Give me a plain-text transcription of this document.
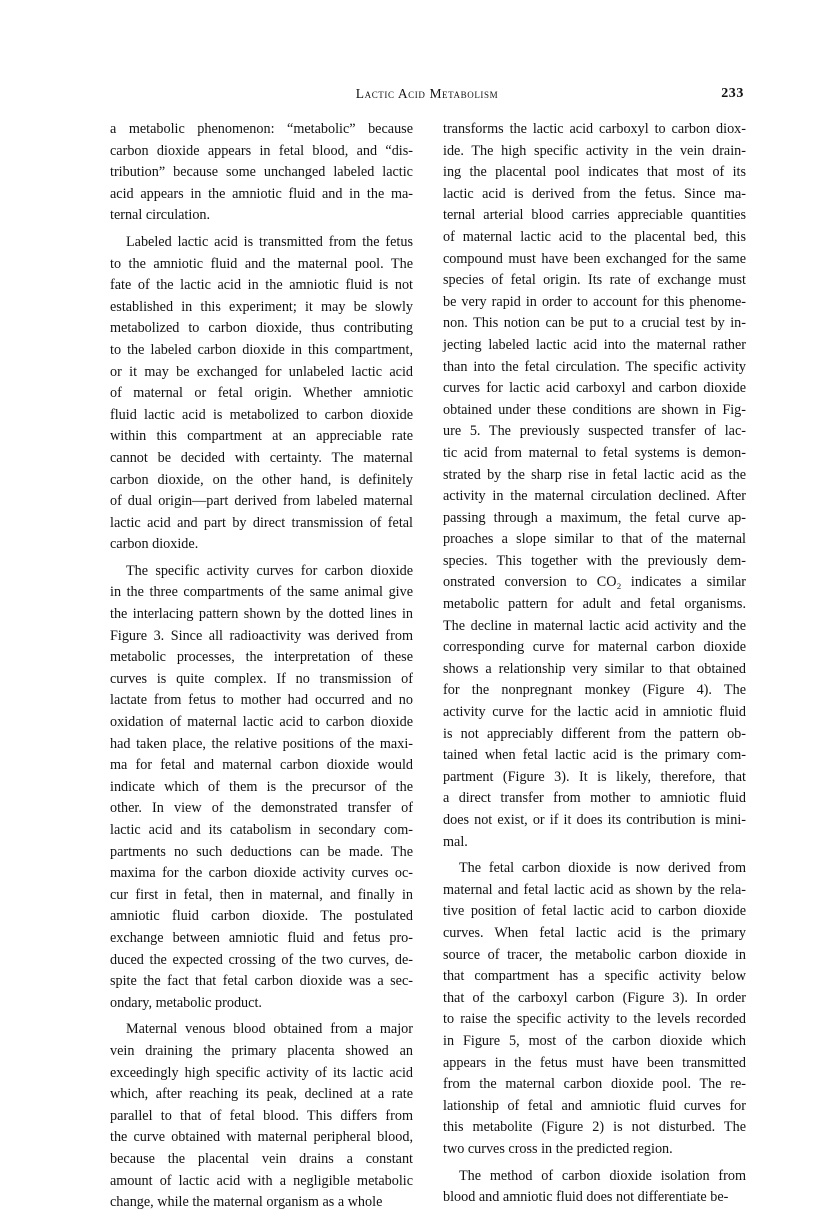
Lactic Acid Metabolism	233
a metabolic phenomenon: “metabolic” because
carbon dioxide appears in fetal blood, and “dis-
tribution” because some unchanged labeled lactic
acid appears in the amniotic fluid and in the ma-
ternal circulation.
Labeled lactic acid is transmitted from the fetus
to the amniotic fluid and the maternal pool. The
fate of the lactic acid in the amniotic fluid is not
established in this experiment; it may be slowly
metabolized to carbon dioxide, thus contributing
to the labeled carbon dioxide in this compartment,
or it may be exchanged for unlabeled lactic acid
of maternal or fetal origin. Whether amniotic
fluid lactic acid is metabolized to carbon dioxide
within this compartment at an appreciable rate
cannot be decided with certainty. The maternal
carbon dioxide, on the other hand, is definitely
of dual origin—part derived from labeled maternal
lactic acid and part by direct transmission of fetal
carbon dioxide.
The specific activity curves for carbon dioxide
in the three compartments of the same animal give
the interlacing pattern shown by the dotted lines in
Figure 3. Since all radioactivity was derived from
metabolic processes, the interpretation of these
curves is quite complex. If no transmission of
lactate from fetus to mother had occurred and no
oxidation of maternal lactic acid to carbon dioxide
had taken place, the relative positions of the maxi-
ma for fetal and maternal carbon dioxide would
indicate which of them is the precursor of the
other. In view of the demonstrated transfer of
lactic acid and its catabolism in secondary com-
partments no such deductions can be made. The
maxima for the carbon dioxide activity curves oc-
cur first in fetal, then in maternal, and finally in
amniotic fluid carbon dioxide. The postulated
exchange between amniotic fluid and fetus pro-
duced the expected crossing of the two curves, de-
spite the fact that fetal carbon dioxide was a sec-
ondary, metabolic product.
Maternal venous blood obtained from a major
vein draining the primary placenta showed an
exceedingly high specific activity of its lactic acid
which, after reaching its peak, declined at a rate
parallel to that of fetal blood. This differs from
the curve obtained with maternal peripheral blood,
because the placental vein drains a constant
amount of lactic acid with a negligible metabolic
change, while the maternal organism as a whole
transforms the lactic acid carboxyl to carbon diox-
ide. The high specific activity in the vein drain-
ing the placental pool indicates that most of its
lactic acid is derived from the fetus. Since ma-
ternal arterial blood carries appreciable quantities
of maternal lactic acid to the placental bed, this
compound must have been exchanged for the same
species of fetal origin. Its rate of exchange must
be very rapid in order to account for this phenome-
non. This notion can be put to a crucial test by in-
jecting labeled lactic acid into the maternal rather
than into the fetal circulation. The specific activity
curves for lactic acid carboxyl and carbon dioxide
obtained under these conditions are shown in Fig-
ure 5. The previously suspected transfer of lac-
tic acid from maternal to fetal systems is demon-
strated by the sharp rise in fetal lactic acid as the
activity in the maternal circulation declined. After
passing through a maximum, the fetal curve ap-
proaches a slope similar to that of the maternal
species. This together with the previously dem-
onstrated conversion to CO₂ indicates a similar
metabolic pattern for adult and fetal organisms.
The decline in maternal lactic acid activity and the
corresponding curve for maternal carbon dioxide
shows a relationship very similar to that obtained
for the nonpregnant monkey (Figure 4). The
activity curve for the lactic acid in amniotic fluid
is not appreciably different from the pattern ob-
tained when fetal lactic acid is the primary com-
partment (Figure 3). It is likely, therefore, that
a direct transfer from mother to amniotic fluid
does not exist, or if it does its contribution is mini-
mal.
The fetal carbon dioxide is now derived from
maternal and fetal lactic acid as shown by the rela-
tive position of fetal lactic acid to carbon dioxide
curves. When fetal lactic acid is the primary
source of tracer, the metabolic carbon dioxide in
that compartment has a specific activity below
that of the carboxyl carbon (Figure 3). In order
to raise the specific activity to the levels recorded
in Figure 5, most of the carbon dioxide which
appears in the fetus must have been transmitted
from the maternal carbon dioxide pool. The re-
lationship of fetal and amniotic fluid curves for
this metabolite (Figure 2) is not disturbed. The
two curves cross in the predicted region.
The method of carbon dioxide isolation from
blood and amniotic fluid does not differentiate be-
